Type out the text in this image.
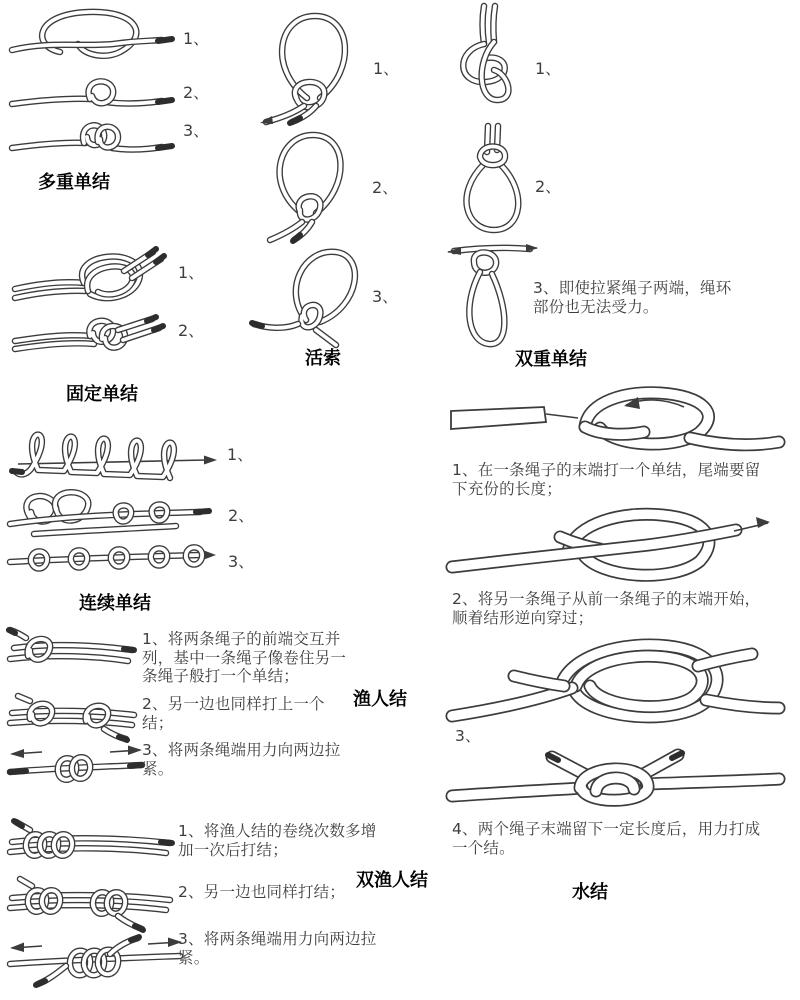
1、
2、
3、
多重单结
1、
2、
3、
活索
1、
2、
3、即使拉紧绳子两端，绳环部份也无法受力。
双重单结
1、
2、
固定单结
1、
2、
3、
连续单结
1、将两条绳子的前端交互并列，基中一条绳子像卷住另一条绳子般打一个单结；
2、另一边也同样打上一个结；
3、将两条绳端用力向两边拉紧。
渔人结
1、将渔人结的卷绕次数多增加一次后打结；
2、另一边也同样打结；
3、将两条绳端用力向两边拉紧。
双渔人结
1、在一条绳子的末端打一个单结，尾端要留下充份的长度；
2、将另一条绳子从前一条绳子的末端开始，顺着结形逆向穿过；
3、
4、两个绳子末端留下一定长度后，用力打成一个结。
水结
